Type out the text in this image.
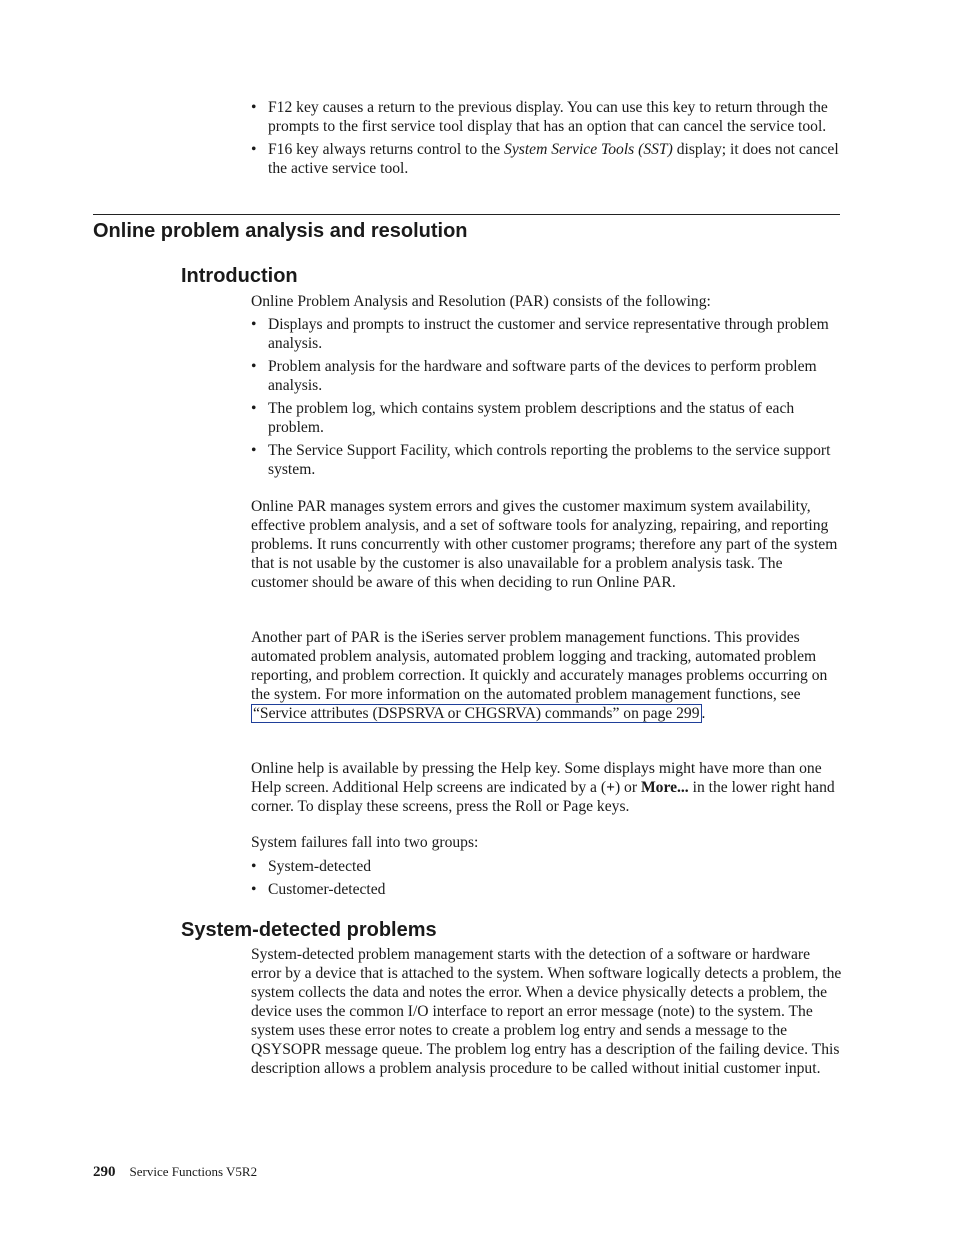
• F12 key causes a return to the previous display. You can use this key to return through the prompts to the first service tool display that has an option that can cancel the service tool.
• F16 key always returns control to the System Service Tools (SST) display; it does not cancel the active service tool.
Online problem analysis and resolution
Introduction

Online Problem Analysis and Resolution (PAR) consists of the following:

• Displays and prompts to instruct the customer and service representative through problem analysis.
• Problem analysis for the hardware and software parts of the devices to perform problem analysis.
• The problem log, which contains system problem descriptions and the status of each problem.
• The Service Support Facility, which controls reporting the problems to the service support system.

Online PAR manages system errors and gives the customer maximum system availability, effective problem analysis, and a set of software tools for analyzing, repairing, and reporting problems. It runs concurrently with other customer programs; therefore any part of the system that is not usable by the customer is also unavailable for a problem analysis task. The customer should be aware of this when deciding to run Online PAR.

Another part of PAR is the iSeries server problem management functions. This provides automated problem analysis, automated problem logging and tracking, automated problem reporting, and problem correction. It quickly and accurately manages problems occurring on the system. For more information on the automated problem management functions, see “Service attributes (DSPSRVA or CHGSRVA) commands” on page 299 .

Online help is available by pressing the Help key. Some displays might have more than one Help screen. Additional Help screens are indicated by a (+) or More... in the lower right hand corner. To display these screens, press the Roll or Page keys.

System failures fall into two groups:

• System-detected
• Customer-detected
System-detected problems

System-detected problem management starts with the detection of a software or hardware error by a device that is attached to the system. When software logically detects a problem, the system collects the data and notes the error. When a device physically detects a problem, the device uses the common I/O interface to report an error message (note) to the system. The system uses these error notes to create a problem log entry and sends a message to the QSYSOPR message queue. The problem log entry has a description of the failing device. This description allows a problem analysis procedure to be called without initial customer input.

290 Service Functions V5R2
